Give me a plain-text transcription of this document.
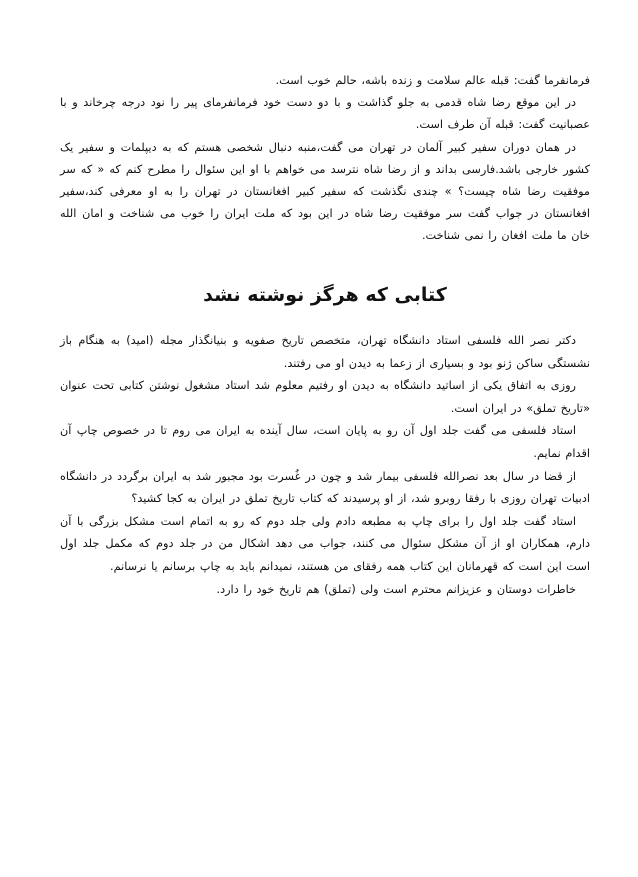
فرمانفرما گفت: قبله عالم سلامت و زنده باشه، حالم خوب است.

در این موقع رضا شاه قدمی به جلو گذاشت و با دو دست خود فرمانفرمای پیر را نود درجه چرخاند و با عصبانیت گفت: قبله آن طرف است.

در همان دوران سفیر کبیر آلمان در تهران می گفت،منبه دنبال شخصی هستم که به دیپلمات و سفیر یک کشور خارجی باشد.فارسی بداند و از رضا شاه نترسد می خواهم با او این سئوال را مطرح کنم که « که سر موفقیت رضا شاه چیست؟ » چندی نگذشت که سفیر کبیر افغانستان در تهران را به او معرفی کند،سفیر افغانستان در جواب گفت سر موفقیت رضا شاه در این بود که ملت ایران را خوب می شناخت و امان الله خان ما ملت افغان را نمی شناخت.

کتابی که هرگز نوشته نشد

دکتر نصر الله فلسفی استاد دانشگاه تهران، متخصص تاریخ صفویه و بنیانگذار مجله (امید) به هنگام باز نشستگی ساکن ژنو بود و بسیاری از زعما به دیدن او می رفتند.

روزی به اتفاق یکی از اساتید دانشگاه به دیدن او رفتیم معلوم شد استاد مشغول نوشتن کتابی تحت عنوان «تاریخ تملق» در ایران است.

استاد فلسفی می گفت جلد اول آن رو به پایان است، سال آینده به ایران می روم تا در خصوص چاپ آن اقدام نمایم.

از قضا در سال بعد نصرالله فلسفی بیمار شد و چون در غُسرت بود مجبور شد به ایران برگردد در دانشگاه ادبیات تهران روزی با رفقا روبرو شد، از او پرسیدند که کتاب تاریخ تملق در ایران به کجا کشید؟

استاد گفت جلد اول را برای چاپ به مطبعه دادم ولی جلد دوم که رو به اتمام است مشکل بزرگی با آن دارم، همکاران او از آن مشکل سئوال می کنند، جواب می دهد اشکال من در جلد دوم که مکمل جلد اول است این است که قهرمانان این کتاب همه رفقای من هستند، نمیدانم باید به چاپ برسانم یا نرسانم.

خاطرات دوستان و عزیزانم محترم است ولی (تملق) هم تاریخ خود را دارد.
